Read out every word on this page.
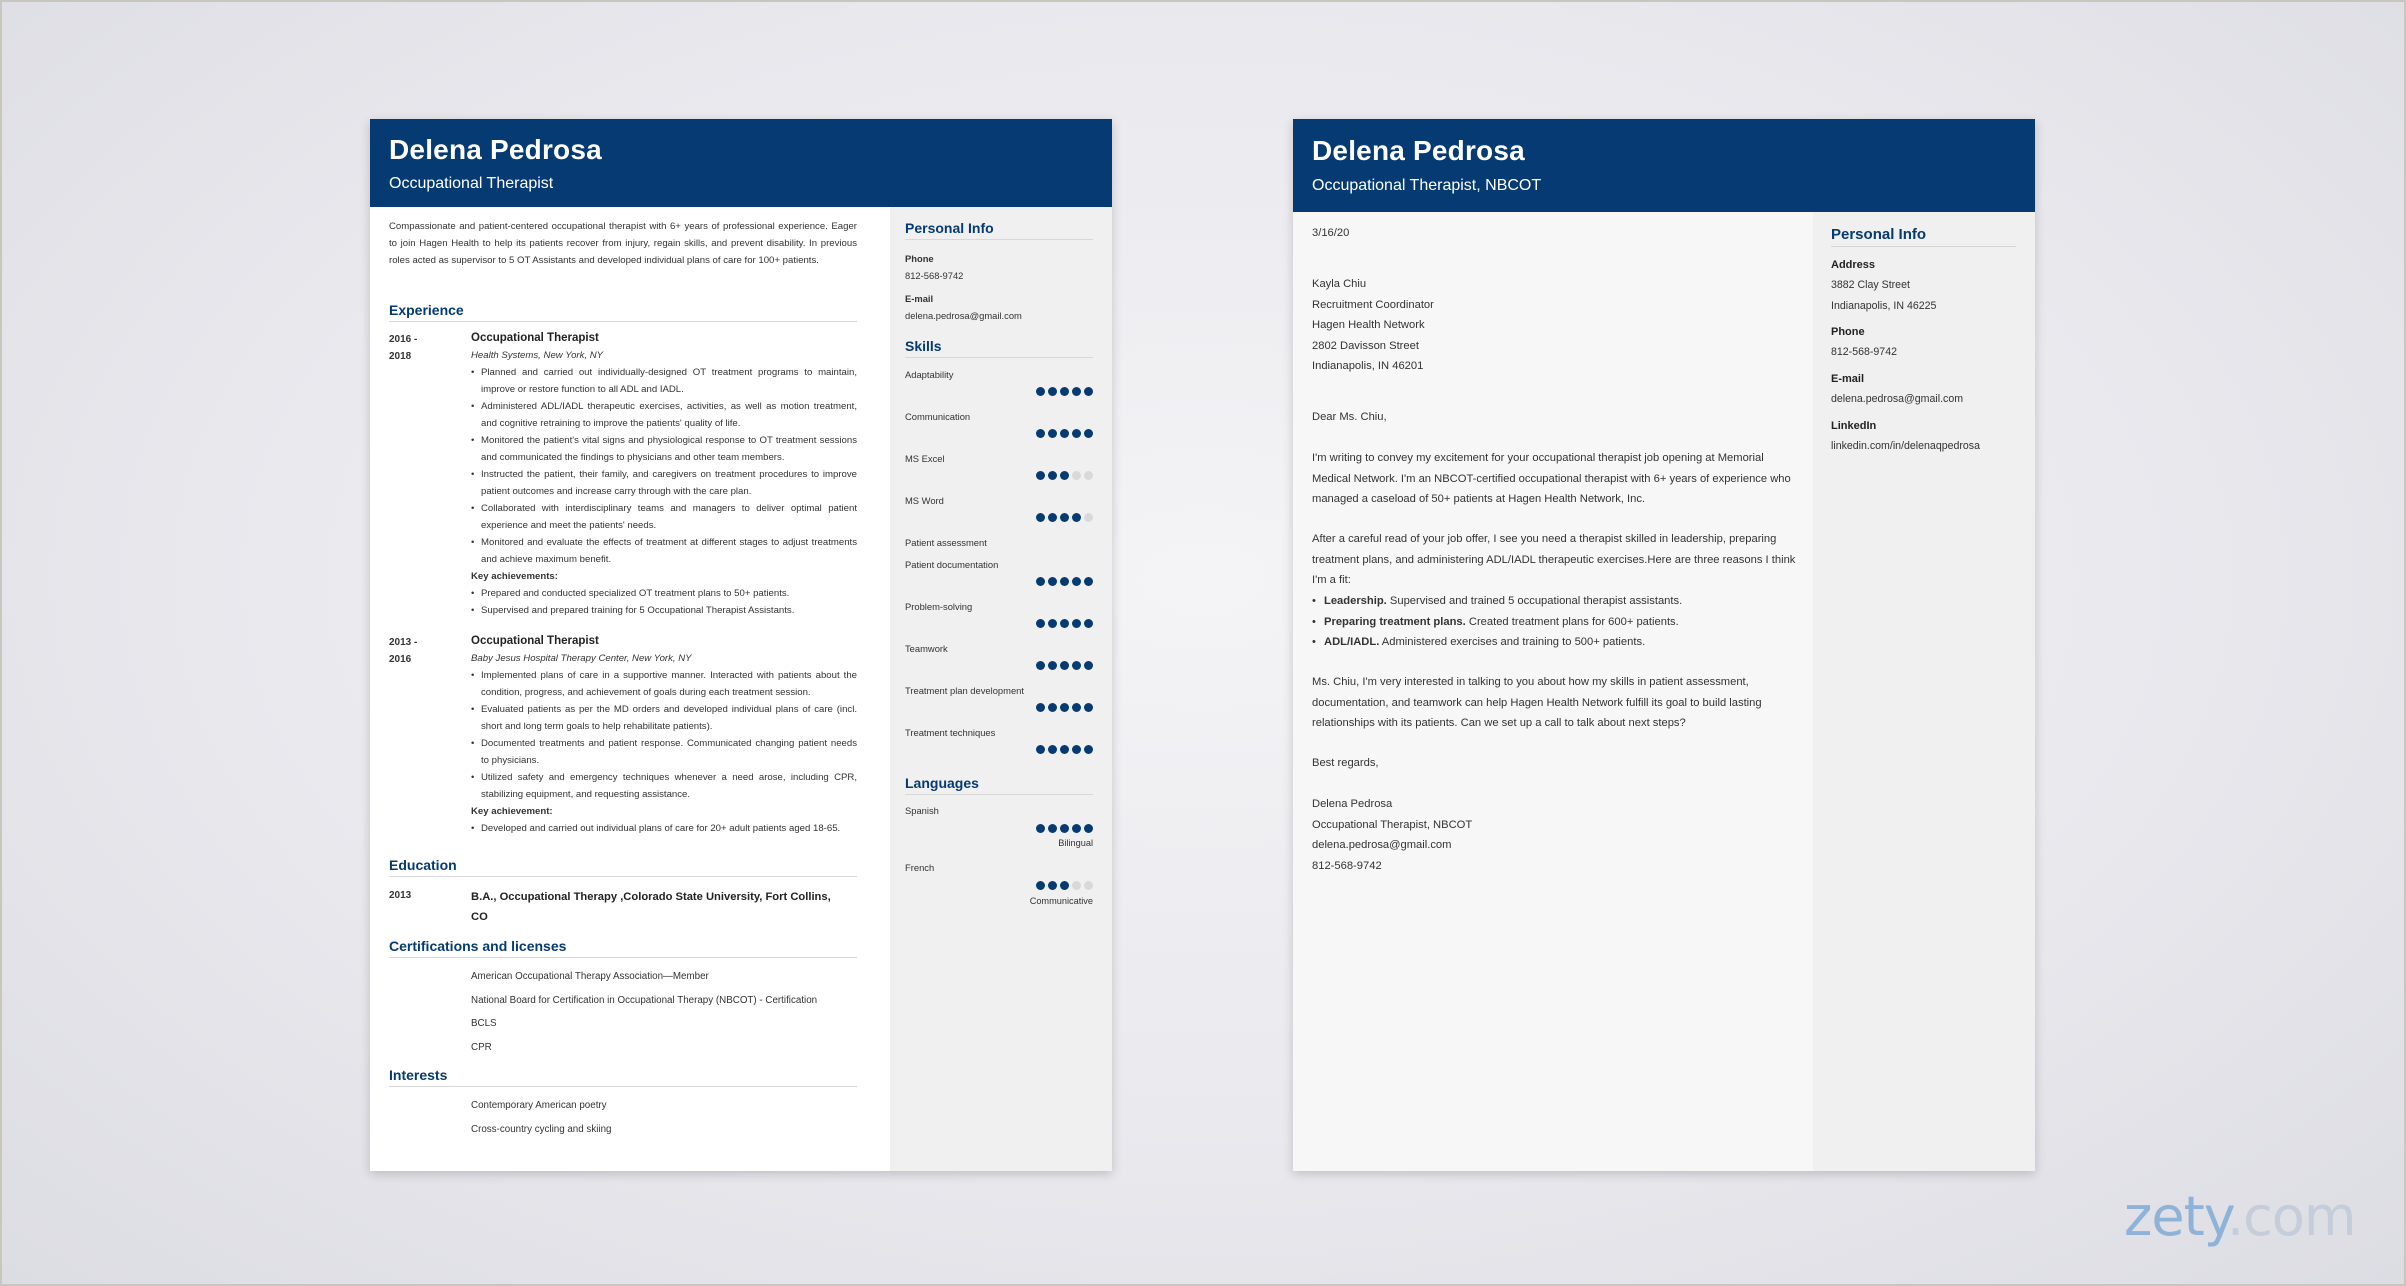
Delena Pedrosa
Occupational Therapist
Compassionate and patient-centered occupational therapist with 6+ years of professional experience. Eager to join Hagen Health to help its patients recover from injury, regain skills, and prevent disability. In previous roles acted as supervisor to 5 OT Assistants and developed individual plans of care for 100+ patients.
Experience
2016 -
2018
Occupational Therapist
Health Systems, New York, NY
• Planned and carried out individually-designed OT treatment programs to maintain, improve or restore function to all ADL and IADL.
• Administered ADL/IADL therapeutic exercises, activities, as well as motion treatment, and cognitive retraining to improve the patients' quality of life.
• Monitored the patient's vital signs and physiological response to OT treatment sessions and communicated the findings to physicians and other team members.
• Instructed the patient, their family, and caregivers on treatment procedures to improve patient outcomes and increase carry through with the care plan.
• Collaborated with interdisciplinary teams and managers to deliver optimal patient experience and meet the patients' needs.
• Monitored and evaluate the effects of treatment at different stages to adjust treatments and achieve maximum benefit.
Key achievements:
• Prepared and conducted specialized OT treatment plans to 50+ patients.
• Supervised and prepared training for 5 Occupational Therapist Assistants.
2013 -
2016
Occupational Therapist
Baby Jesus Hospital Therapy Center, New York, NY
• Implemented plans of care in a supportive manner. Interacted with patients about the condition, progress, and achievement of goals during each treatment session.
• Evaluated patients as per the MD orders and developed individual plans of care (incl. short and long term goals to help rehabilitate patients).
• Documented treatments and patient response. Communicated changing patient needs to physicians.
• Utilized safety and emergency techniques whenever a need arose, including CPR, stabilizing equipment, and requesting assistance.
Key achievement:
• Developed and carried out individual plans of care for 20+ adult patients aged 18-65.
Education
2013	B.A., Occupational Therapy ,Colorado State University, Fort Collins,
CO
Certifications and licenses
American Occupational Therapy Association—Member
National Board for Certification in Occupational Therapy (NBCOT) - Certification
BCLS
CPR
Interests
Contemporary American poetry
Cross-country cycling and skiing
Personal Info
Phone
812-568-9742
E-mail
delena.pedrosa@gmail.com
Skills
Adaptability
Communication
MS Excel
MS Word
Patient assessment
Patient documentation
Problem-solving
Teamwork
Treatment plan development
Treatment techniques
Languages
Spanish
Bilingual
French
Communicative
Delena Pedrosa
Occupational Therapist, NBCOT
3/16/20
Kayla Chiu
Recruitment Coordinator
Hagen Health Network
2802 Davisson Street
Indianapolis, IN 46201
Dear Ms. Chiu,
I'm writing to convey my excitement for your occupational therapist job opening at Memorial Medical Network. I'm an NBCOT-certified occupational therapist with 6+ years of experience who managed a caseload of 50+ patients at Hagen Health Network, Inc.
After a careful read of your job offer, I see you need a therapist skilled in leadership, preparing treatment plans, and administering ADL/IADL therapeutic exercises.Here are three reasons I think I'm a fit:

• Leadership. Supervised and trained 5 occupational therapist assistants.

• Preparing treatment plans. Created treatment plans for 600+ patients.

• ADL/IADL. Administered exercises and training to 500+ patients.

Ms. Chiu, I'm very interested in talking to you about how my skills in patient assessment, documentation, and teamwork can help Hagen Health Network fulfill its goal to build lasting relationships with its patients. Can we set up a call to talk about next steps?
Best regards,
Delena Pedrosa
Occupational Therapist, NBCOT
delena.pedrosa@gmail.com
812-568-9742
Personal Info
Address
3882 Clay Street
Indianapolis, IN 46225
Phone
812-568-9742
E-mail
delena.pedrosa@gmail.com
LinkedIn
linkedin.com/in/delenaqpedrosa
zety.com
